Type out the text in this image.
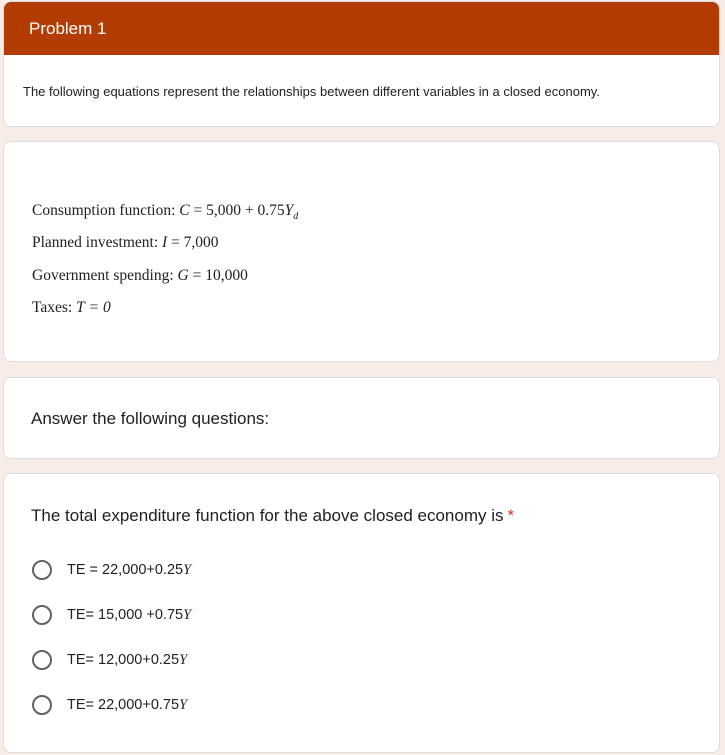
Problem 1
The following equations represent the relationships between different variables in a closed economy.
Consumption function: $C = 5,000 + 0.75Y_d$
Planned investment: I = 7,000
Government spending: G = 10,000
Taxes: T = 0
Answer the following questions:
The total expenditure function for the above closed economy is *
TE = 22,000+0.25Y
TE= 15,000 +0.75Y
TE= 12,000+0.25Y
TE= 22,000+0.75Y
